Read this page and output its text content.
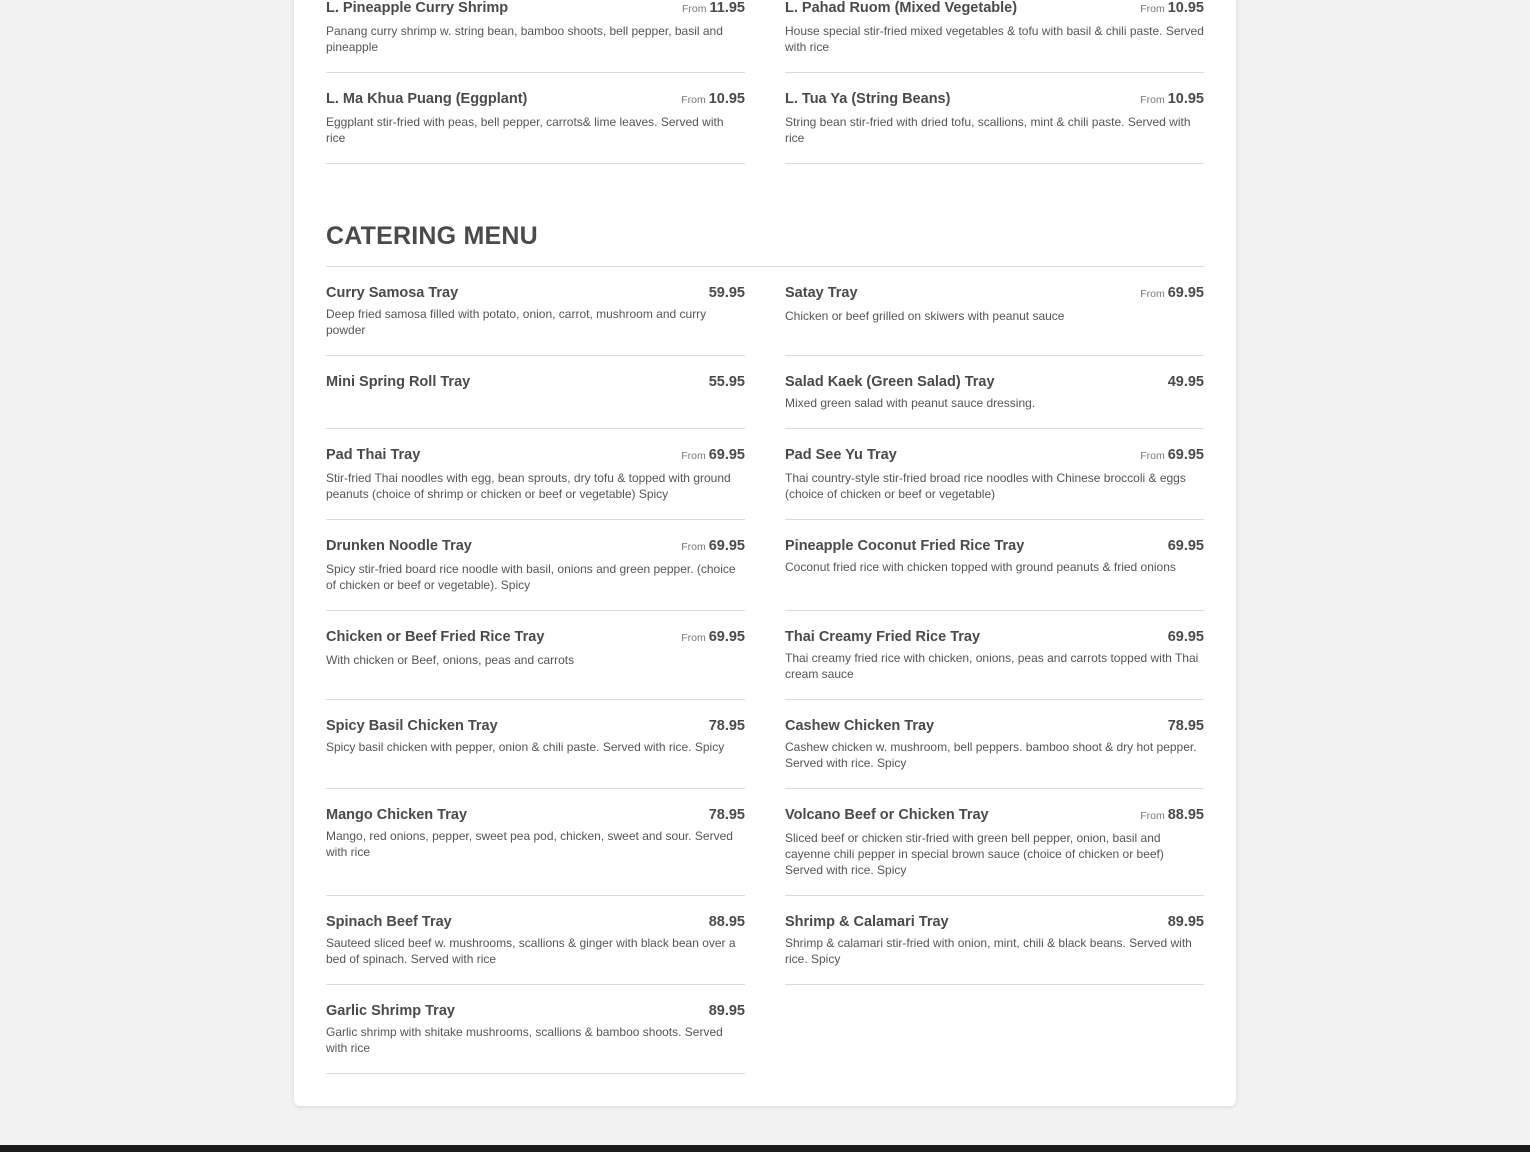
L. Pineapple Curry Shrimp	From 11.95
Panang curry shrimp w. string bean, bamboo shoots, bell pepper, basil and pineapple
L. Pahad Ruom (Mixed Vegetable)	From 10.95
House special stir-fried mixed vegetables & tofu with basil & chili paste. Served with rice
L. Ma Khua Puang (Eggplant)	From 10.95
Eggplant stir-fried with peas, bell pepper, carrots& lime leaves. Served with rice
L. Tua Ya (String Beans)	From 10.95
String bean stir-fried with dried tofu, scallions, mint & chili paste. Served with rice
CATERING MENU
Curry Samosa Tray	59.95
Deep fried samosa filled with potato, onion, carrot, mushroom and curry powder
Satay Tray	From 69.95
Chicken or beef grilled on skiwers with peanut sauce
Mini Spring Roll Tray	55.95	Salad Kaek (Green Salad) Tray	49.95
Mixed green salad with peanut sauce dressing.
Pad Thai Tray	From 69.95
Stir-fried Thai noodles with egg, bean sprouts, dry tofu & topped with ground peanuts (choice of shrimp or chicken or beef or vegetable) Spicy
Pad See Yu Tray	From 69.95
Thai country-style stir-fried broad rice noodles with Chinese broccoli & eggs (choice of chicken or beef or vegetable)
Drunken Noodle Tray	From 69.95
Spicy stir-fried board rice noodle with basil, onions and green pepper. (choice of chicken or beef or vegetable). Spicy
Pineapple Coconut Fried Rice Tray	69.95
Coconut fried rice with chicken topped with ground peanuts & fried onions
Chicken or Beef Fried Rice Tray	From 69.95
With chicken or Beef, onions, peas and carrots
Thai Creamy Fried Rice Tray	69.95
Thai creamy fried rice with chicken, onions, peas and carrots topped with Thai cream sauce
Spicy Basil Chicken Tray	78.95
Spicy basil chicken with pepper, onion & chili paste. Served with rice. Spicy
Cashew Chicken Tray	78.95
Cashew chicken w. mushroom, bell peppers. bamboo shoot & dry hot pepper. Served with rice. Spicy
Mango Chicken Tray	78.95
Mango, red onions, pepper, sweet pea pod, chicken, sweet and sour. Served with rice
Volcano Beef or Chicken Tray	From 88.95
Sliced beef or chicken stir-fried with green bell pepper, onion, basil and cayenne chili pepper in special brown sauce (choice of chicken or beef) Served with rice. Spicy
Spinach Beef Tray	88.95
Sauteed sliced beef w. mushrooms, scallions & ginger with black bean over a bed of spinach. Served with rice
Shrimp & Calamari Tray	89.95
Shrimp & calamari stir-fried with onion, mint, chili & black beans. Served with rice. Spicy
Garlic Shrimp Tray	89.95
Garlic shrimp with shitake mushrooms, scallions & bamboo shoots. Served with rice
